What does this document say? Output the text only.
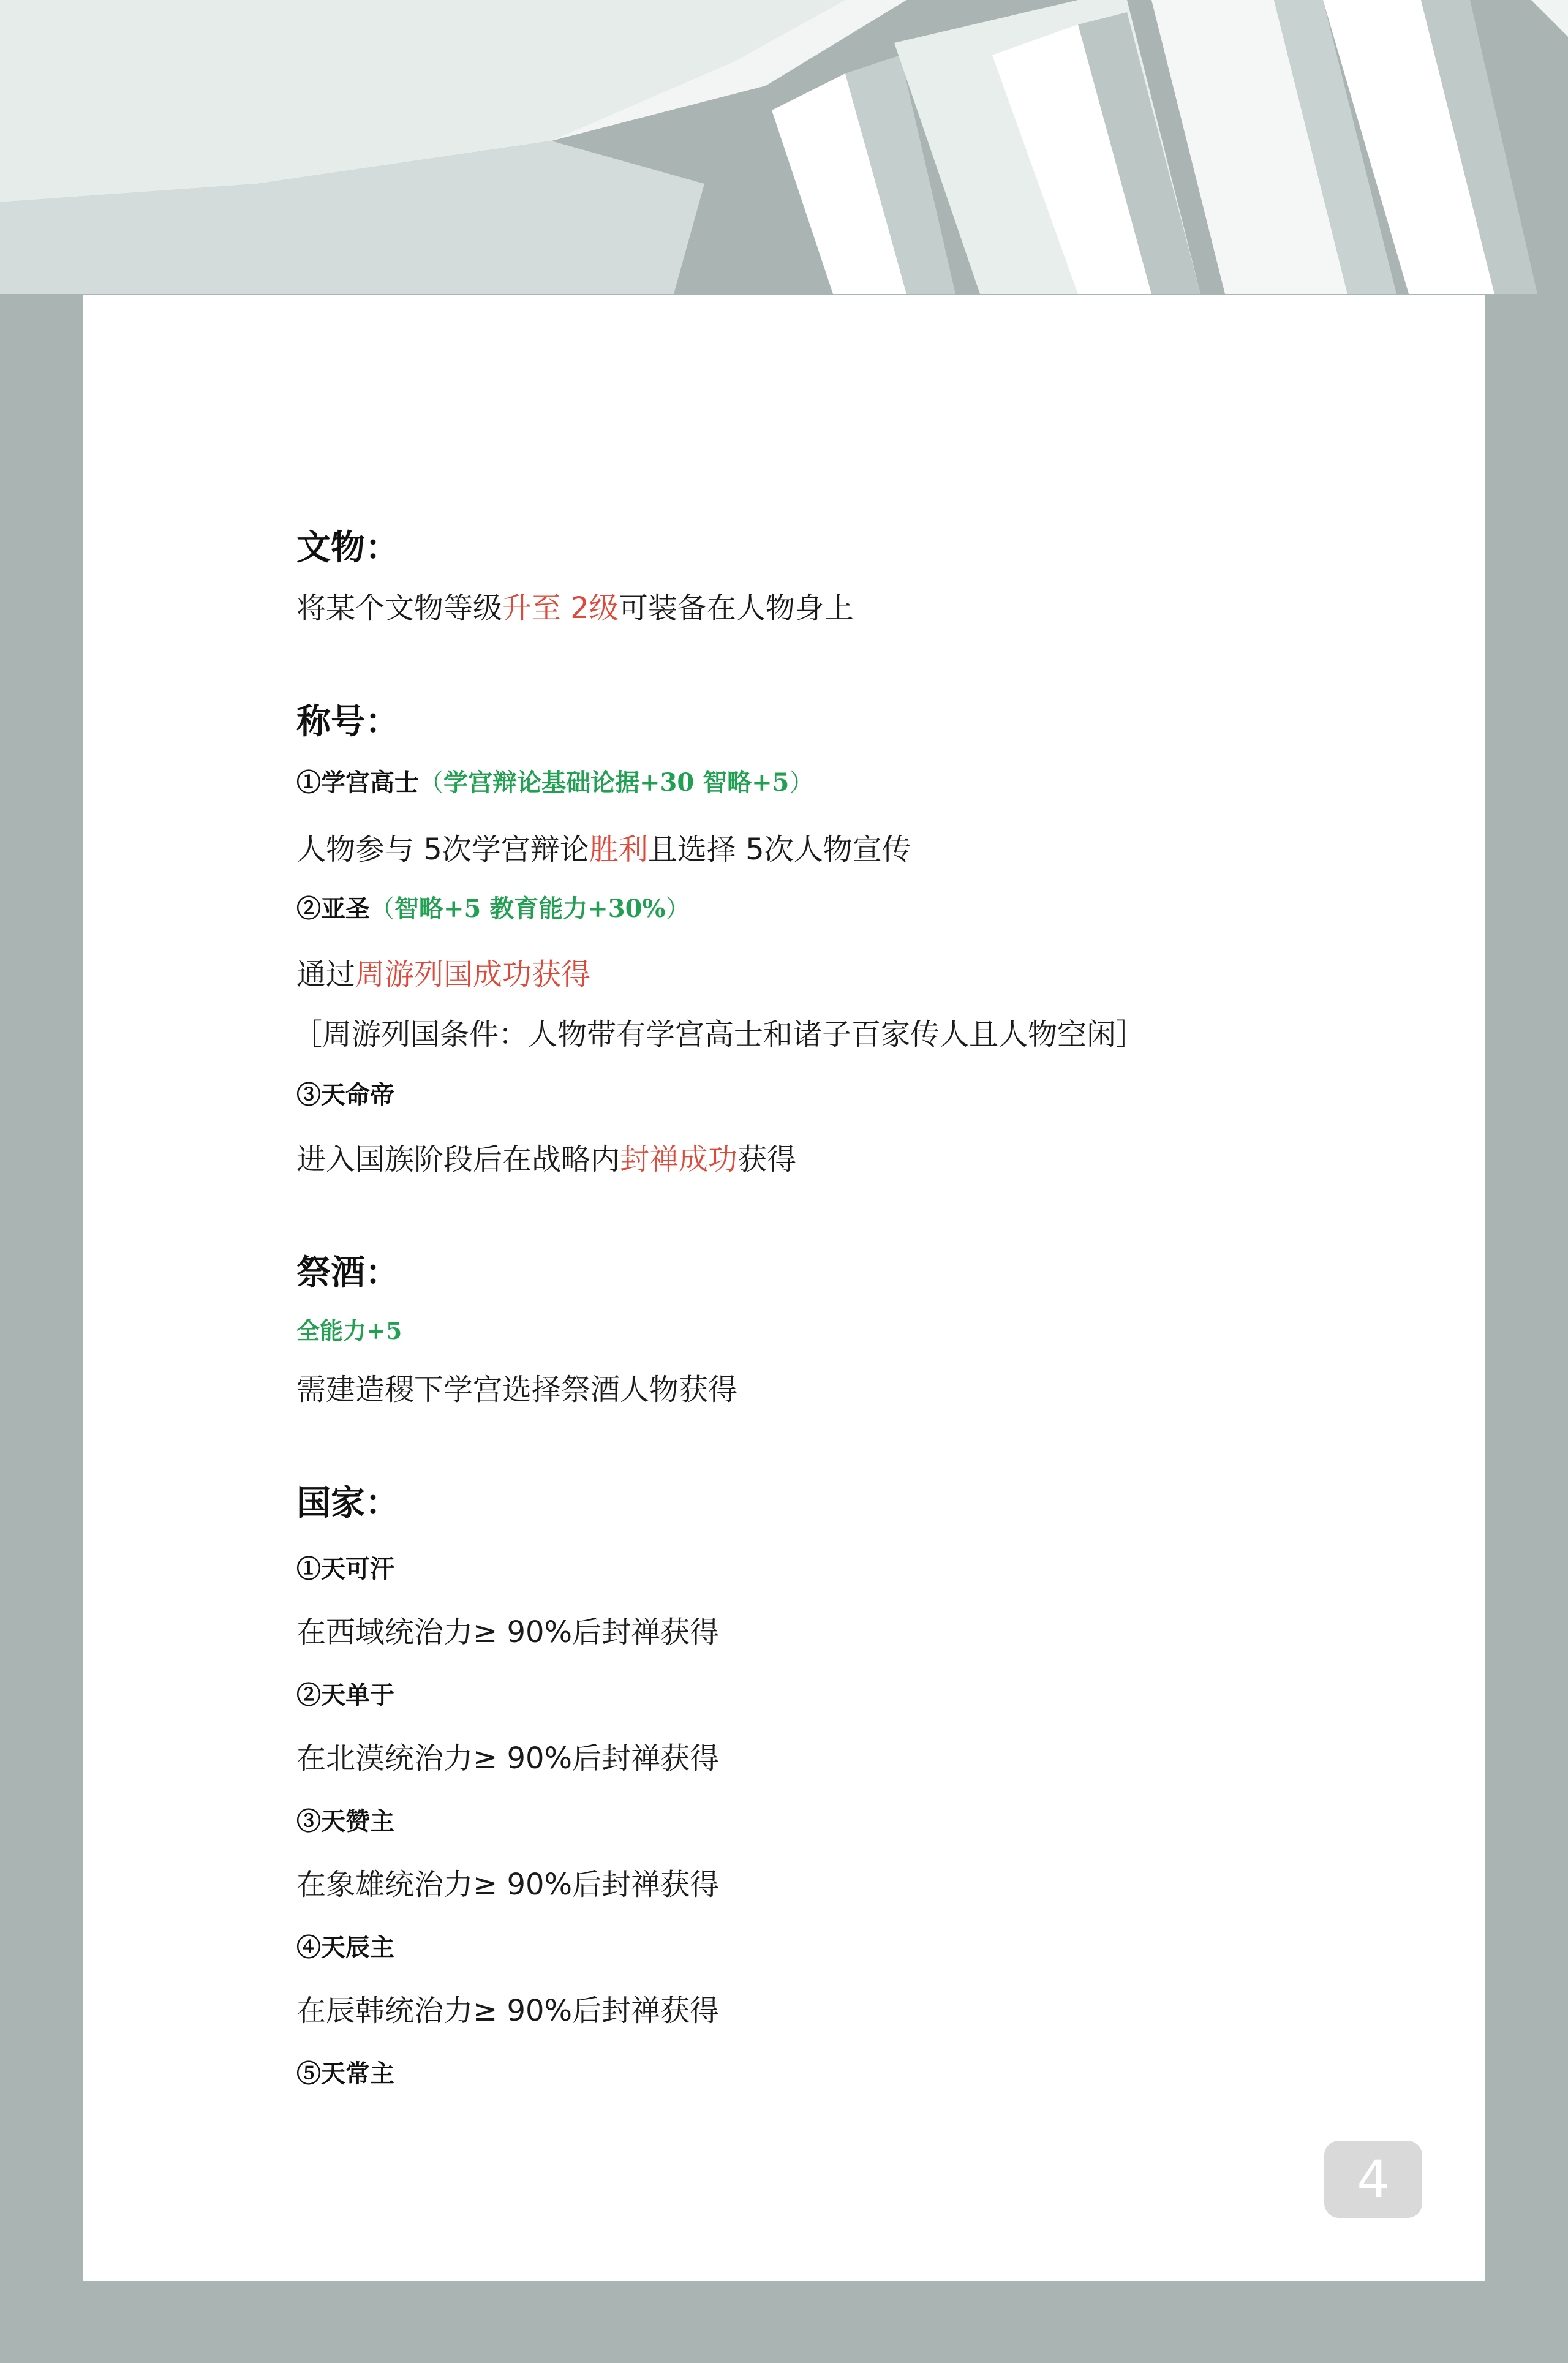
文物：
将某个文物等级升至 2级可装备在人物身上
称号：
①学宫高士（学宫辩论基础论据+30 智略+5）
人物参与 5次学宫辩论胜利且选择 5次人物宣传
②亚圣（智略+5 教育能力+30%）
通过周游列国成功获得
［周游列国条件：人物带有学宫高士和诸子百家传人且人物空闲］
③天命帝
进入国族阶段后在战略内封禅成功获得
祭酒：
全能力+5
需建造稷下学宫选择祭酒人物获得
国家：
①天可汗
在西域统治力≥ 90%后封禅获得
②天单于
在北漠统治力≥ 90%后封禅获得
③天赞主
在象雄统治力≥ 90%后封禅获得
④天辰主
在辰韩统治力≥ 90%后封禅获得
⑤天常主
4
